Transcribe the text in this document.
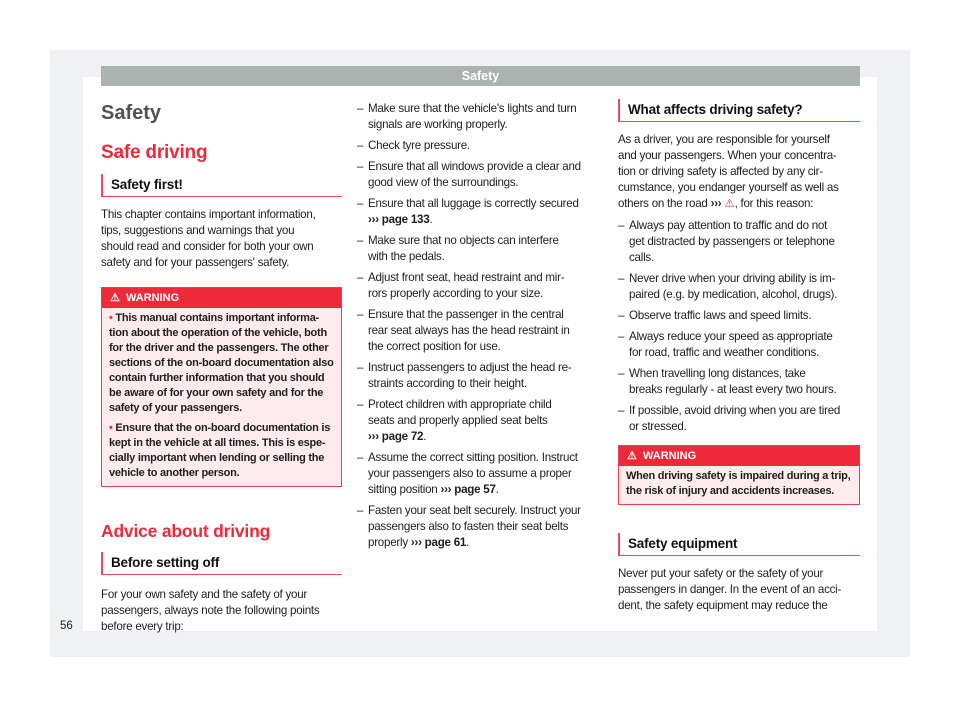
Safety
Safety
Safe driving
Safety first!
This chapter contains important information,
tips, suggestions and warnings that you
should read and consider for both your own
safety and for your passengers' safety.
⚠ WARNING
• This manual contains important informa-
tion about the operation of the vehicle, both
for the driver and the passengers. The other
sections of the on-board documentation also
contain further information that you should
be aware of for your own safety and for the
safety of your passengers.
• Ensure that the on-board documentation is
kept in the vehicle at all times. This is espe-
cially important when lending or selling the
vehicle to another person.
Advice about driving
Before setting off
For your own safety and the safety of your
passengers, always note the following points
before every trip:
– Make sure that the vehicle's lights and turn
signals are working properly.
– Check tyre pressure.
– Ensure that all windows provide a clear and
good view of the surroundings.
– Ensure that all luggage is correctly secured
››› page 133.
– Make sure that no objects can interfere
with the pedals.
– Adjust front seat, head restraint and mir-
rors properly according to your size.
– Ensure that the passenger in the central
rear seat always has the head restraint in
the correct position for use.
– Instruct passengers to adjust the head re-
straints according to their height.
– Protect children with appropriate child
seats and properly applied seat belts
››› page 72.
– Assume the correct sitting position. Instruct
your passengers also to assume a proper
sitting position ››› page 57.
– Fasten your seat belt securely. Instruct your
passengers also to fasten their seat belts
properly ››› page 61.
What affects driving safety?
As a driver, you are responsible for yourself
and your passengers. When your concentra-
tion or driving safety is affected by any cir-
cumstance, you endanger yourself as well as
others on the road ››› ⚠, for this reason:
– Always pay attention to traffic and do not
get distracted by passengers or telephone
calls.
– Never drive when your driving ability is im-
paired (e.g. by medication, alcohol, drugs).
– Observe traffic laws and speed limits.
– Always reduce your speed as appropriate
for road, traffic and weather conditions.
– When travelling long distances, take
breaks regularly - at least every two hours.
– If possible, avoid driving when you are tired
or stressed.
⚠ WARNING
When driving safety is impaired during a trip,
the risk of injury and accidents increases.
Safety equipment
Never put your safety or the safety of your
passengers in danger. In the event of an acci-
dent, the safety equipment may reduce the
56
